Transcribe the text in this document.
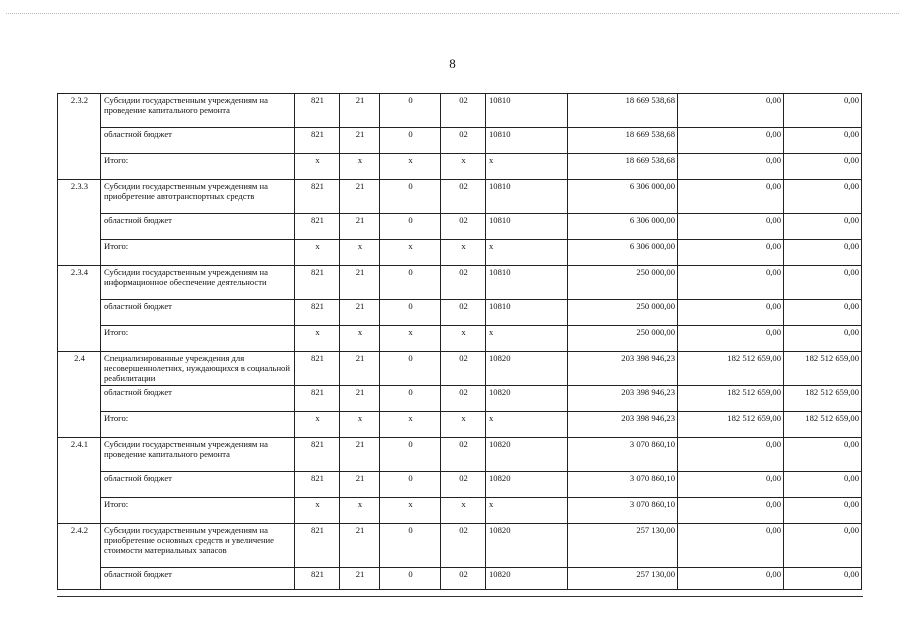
8
2.3.2	Субсидии государственным учреждениям на проведение капитального ремонта	821	21	0	02	10810	18 669 538,68	0,00	0,00
	областной бюджет	821	21	0	02	10810	18 669 538,68	0,00	0,00
	Итого:	x	x	x	x	x	18 669 538,68	0,00	0,00
2.3.3	Субсидии государственным учреждениям на приобретение автотранспортных средств	821	21	0	02	10810	6 306 000,00	0,00	0,00
	областной бюджет	821	21	0	02	10810	6 306 000,00	0,00	0,00
	Итого:	x	x	x	x	x	6 306 000,00	0,00	0,00
2.3.4	Субсидии государственным учреждениям на информационное обеспечение деятельности	821	21	0	02	10810	250 000,00	0,00	0,00
	областной бюджет	821	21	0	02	10810	250 000,00	0,00	0,00
	Итого:	x	x	x	x	x	250 000,00	0,00	0,00
2.4	Специализированные учреждения для несовершеннолетних, нуждающихся в социальной реабилитации	821	21	0	02	10820	203 398 946,23	182 512 659,00	182 512 659,00
	областной бюджет	821	21	0	02	10820	203 398 946,23	182 512 659,00	182 512 659,00
	Итого:	x	x	x	x	x	203 398 946,23	182 512 659,00	182 512 659,00
2.4.1	Субсидии государственным учреждениям на проведение капитального ремонта	821	21	0	02	10820	3 070 860,10	0,00	0,00
	областной бюджет	821	21	0	02	10820	3 070 860,10	0,00	0,00
	Итого:	x	x	x	x	x	3 070 860,10	0,00	0,00
2.4.2	Субсидии государственным учреждениям на приобретение основных средств и увеличение стоимости материальных запасов	821	21	0	02	10820	257 130,00	0,00	0,00
	областной бюджет	821	21	0	02	10820	257 130,00	0,00	0,00
